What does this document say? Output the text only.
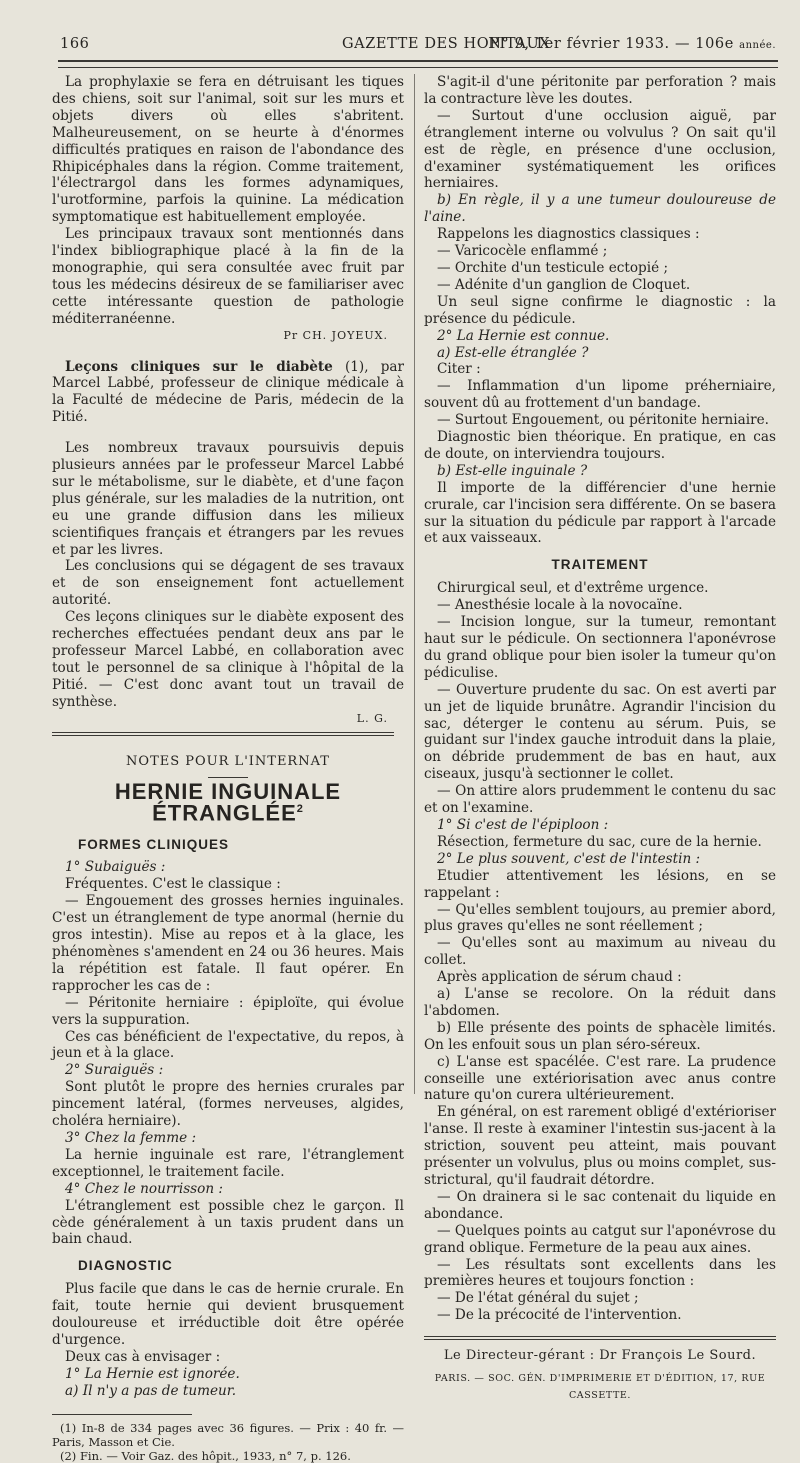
166	GAZETTE DES HOPITAUX
N° 9, 1er février 1933. — 106e année.

La prophylaxie se fera en détruisant les tiques des chiens, soit sur l'animal, soit sur les murs et objets divers où elles s'abritent. Malheureusement, on se heurte à d'énormes difficultés pratiques en raison de l'abondance des Rhipicéphales dans la région. Comme traitement, l'électrargol dans les formes adynamiques, l'urotformine, parfois la quinine. La médication symptomatique est habituellement employée.

Les principaux travaux sont mentionnés dans l'index bibliographique placé à la fin de la monographie, qui sera consultée avec fruit par tous les médecins désireux de se familiariser avec cette intéressante question de pathologie méditerranéenne.

Pr CH. JOYEUX.

Leçons cliniques sur le diabète (1), par Marcel Labbé, professeur de clinique médicale à la Faculté de médecine de Paris, médecin de la Pitié.

Les nombreux travaux poursuivis depuis plusieurs années par le professeur Marcel Labbé sur le métabolisme, sur le diabète, et d'une façon plus générale, sur les maladies de la nutrition, ont eu une grande diffusion dans les milieux scientifiques français et étrangers par les revues et par les livres.

Les conclusions qui se dégagent de ses travaux et de son enseignement font actuellement autorité.

Ces leçons cliniques sur le diabète exposent des recherches effectuées pendant deux ans par le professeur Marcel Labbé, en collaboration avec tout le personnel de sa clinique à l'hôpital de la Pitié. — C'est donc avant tout un travail de synthèse.

L. G.

NOTES POUR L'INTERNAT

HERNIE INGUINALE ÉTRANGLÉE$^2$

FORMES CLINIQUES

1° Subaiguës :

Fréquentes. C'est le classique :

— Engouement des grosses hernies inguinales. C'est un étranglement de type anormal (hernie du gros intestin). Mise au repos et à la glace, les phénomènes s'amendent en 24 ou 36 heures. Mais la répétition est fatale. Il faut opérer. En rapprocher les cas de :

— Péritonite herniaire : épiploïte, qui évolue vers la suppuration.

Ces cas bénéficient de l'expectative, du repos, à jeun et à la glace.

2° Suraiguës :

Sont plutôt le propre des hernies crurales par pincement latéral, (formes nerveuses, algides, choléra herniaire).

3° Chez la femme :

La hernie inguinale est rare, l'étranglement exceptionnel, le traitement facile.

4° Chez le nourrisson :

L'étranglement est possible chez le garçon. Il cède généralement à un taxis prudent dans un bain chaud.

DIAGNOSTIC

Plus facile que dans le cas de hernie crurale. En fait, toute hernie qui devient brusquement douloureuse et irréductible doit être opérée d'urgence.

Deux cas à envisager :

1° La Hernie est ignorée.

a) Il n'y a pas de tumeur.

(1) In-8 de 334 pages avec 36 figures. — Prix : 40 fr. — Paris, Masson et Cie.

(2) Fin. — Voir Gaz. des hôpit., 1933, n° 7, p. 126.

S'agit-il d'une péritonite par perforation ? mais la contracture lève les doutes.

— Surtout d'une occlusion aiguë, par étranglement interne ou volvulus ? On sait qu'il est de règle, en présence d'une occlusion, d'examiner systématiquement les orifices herniaires.

b) En règle, il y a une tumeur douloureuse de l'aine.

Rappelons les diagnostics classiques :

— Varicocèle enflammé ;

— Orchite d'un testicule ectopié ;

— Adénite d'un ganglion de Cloquet.

Un seul signe confirme le diagnostic : la présence du pédicule.

2° La Hernie est connue.

a) Est-elle étranglée ?

Citer :

— Inflammation d'un lipome préherniaire, souvent dû au frottement d'un bandage.

— Surtout Engouement, ou péritonite herniaire.

Diagnostic bien théorique. En pratique, en cas de doute, on interviendra toujours.

b) Est-elle inguinale ?

Il importe de la différencier d'une hernie crurale, car l'incision sera différente. On se basera sur la situation du pédicule par rapport à l'arcade et aux vaisseaux.

TRAITEMENT

Chirurgical seul, et d'extrême urgence.

— Anesthésie locale à la novocaïne.

— Incision longue, sur la tumeur, remontant haut sur le pédicule. On sectionnera l'aponévrose du grand oblique pour bien isoler la tumeur qu'on pédiculise.

— Ouverture prudente du sac. On est averti par un jet de liquide brunâtre. Agrandir l'incision du sac, déterger le contenu au sérum. Puis, se guidant sur l'index gauche introduit dans la plaie, on débride prudemment de bas en haut, aux ciseaux, jusqu'à sectionner le collet.

— On attire alors prudemment le contenu du sac et on l'examine.

1° Si c'est de l'épiploon :

Résection, fermeture du sac, cure de la hernie.

2° Le plus souvent, c'est de l'intestin :

Etudier attentivement les lésions, en se rappelant :

— Qu'elles semblent toujours, au premier abord, plus graves qu'elles ne sont réellement ;

— Qu'elles sont au maximum au niveau du collet.

Après application de sérum chaud :

a) L'anse se recolore. On la réduit dans l'abdomen.

b) Elle présente des points de sphacèle limités. On les enfouit sous un plan séro-séreux.

c) L'anse est spacélée. C'est rare. La prudence conseille une extériorisation avec anus contre nature qu'on curera ultérieurement.

En général, on est rarement obligé d'extérioriser l'anse. Il reste à examiner l'intestin sus-jacent à la striction, souvent peu atteint, mais pouvant présenter un volvulus, plus ou moins complet, sus-strictural, qu'il faudrait détordre.

— On drainera si le sac contenait du liquide en abondance.

— Quelques points au catgut sur l'aponévrose du grand oblique. Fermeture de la peau aux aines.

— Les résultats sont excellents dans les premières heures et toujours fonction :

— De l'état général du sujet ;

— De la précocité de l'intervention.

Le Directeur-gérant : Dr François Le Sourd.

PARIS. — SOC. GÉN. D'IMPRIMERIE ET D'ÉDITION, 17, RUE CASSETTE.
